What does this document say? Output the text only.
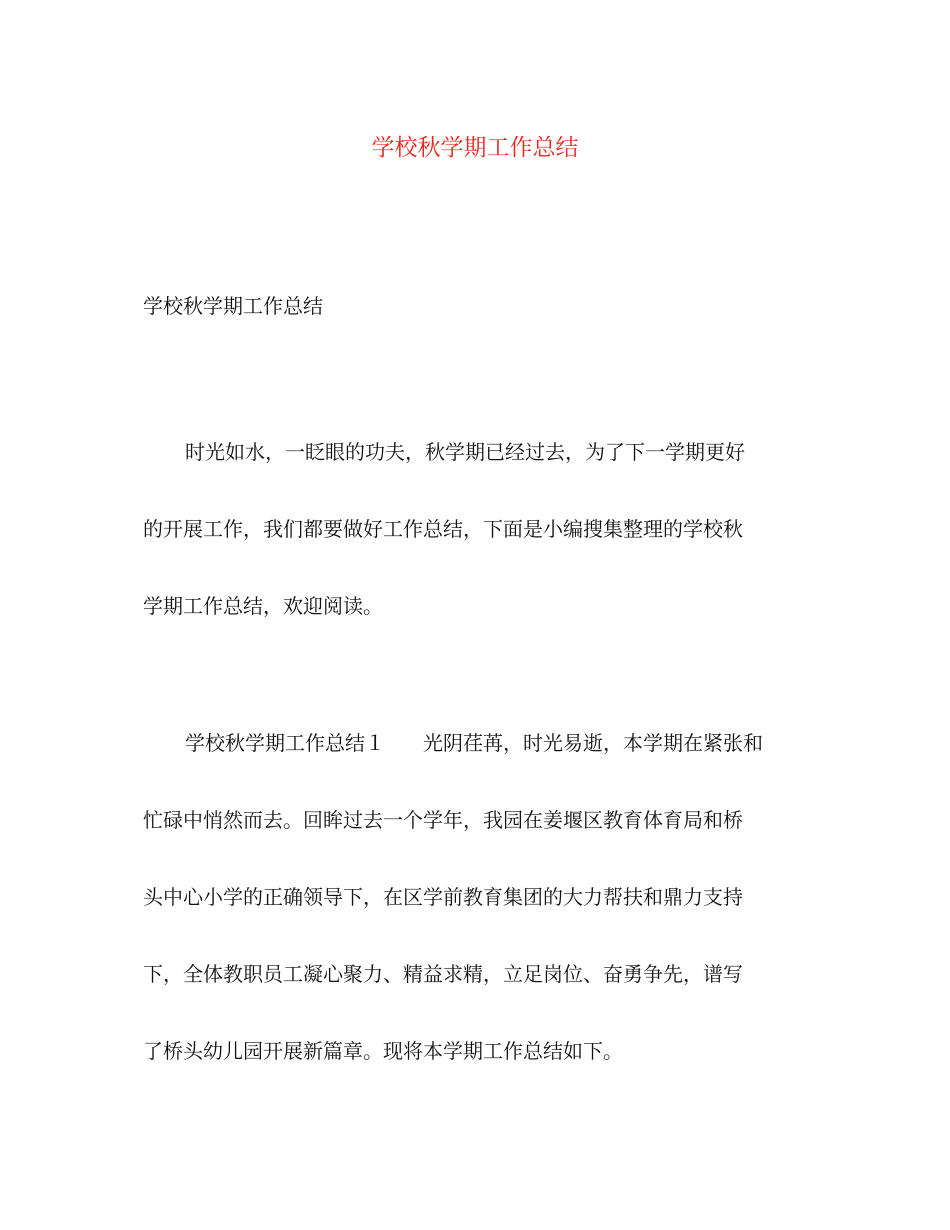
学校秋学期工作总结

学校秋学期工作总结

时光如水，一眨眼的功夫，秋学期已经过去，为了下一学期更好
的开展工作，我们都要做好工作总结，下面是小编搜集整理的学校秋
学期工作总结，欢迎阅读。
学校秋学期工作总结１ 光阴荏苒，时光易逝，本学期在紧张和
忙碌中悄然而去。回眸过去一个学年，我园在姜堰区教育体育局和桥
头中心小学的正确领导下，在区学前教育集团的大力帮扶和鼎力支持
下，全体教职员工凝心聚力、精益求精，立足岗位、奋勇争先，谱写
了桥头幼儿园开展新篇章。现将本学期工作总结如下。
